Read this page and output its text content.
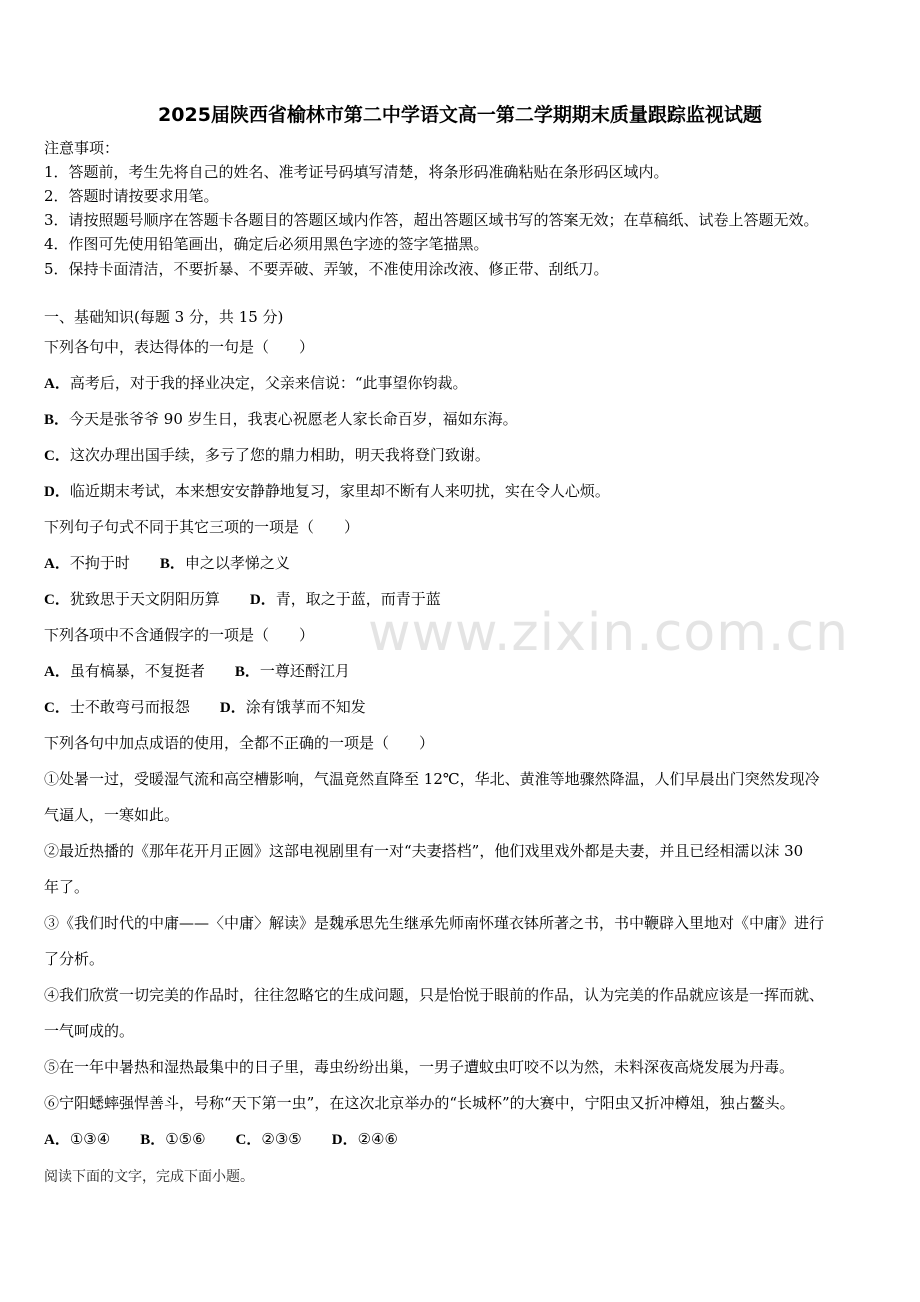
www.zixin.com.cn
2025届陕西省榆林市第二中学语文高一第二学期期末质量跟踪监视试题
注意事项：
1．答题前，考生先将自己的姓名、准考证号码填写清楚，将条形码准确粘贴在条形码区域内。
2．答题时请按要求用笔。
3．请按照题号顺序在答题卡各题目的答题区域内作答，超出答题区域书写的答案无效；在草稿纸、试卷上答题无效。
4．作图可先使用铅笔画出，确定后必须用黑色字迹的签字笔描黑。
5．保持卡面清洁，不要折暴、不要弄破、弄皱，不准使用涂改液、修正带、刮纸刀。
一、基础知识(每题 3 分，共 15 分)
下列各句中，表达得体的一句是（　　）
A．高考后，对于我的择业决定，父亲来信说：“此事望你钧裁。
B．今天是张爷爷 90 岁生日，我衷心祝愿老人家长命百岁，福如东海。
C．这次办理出国手续，多亏了您的鼎力相助，明天我将登门致谢。
D．临近期末考试，本来想安安静静地复习，家里却不断有人来叨扰，实在令人心烦。
下列句子句式不同于其它三项的一项是（　　）
A．不拘于时 B．申之以孝悌之义
C．犹致思于天文阴阳历算 D．青，取之于蓝，而青于蓝
下列各项中不含通假字的一项是（　　）
A．虽有槁暴，不复挺者 B．一尊还酹江月
C．士不敢弯弓而报怨 D．涂有饿莩而不知发
下列各句中加点成语的使用，全都不正确的一项是（　　）
①处暑一过，受暖湿气流和高空槽影响，气温竟然直降至 12℃，华北、黄淮等地骤然降温，人们早晨出门突然发现冷
气逼人，一寒如此。
②最近热播的《那年花开月正圆》这部电视剧里有一对“夫妻搭档”，他们戏里戏外都是夫妻，并且已经相濡以沫 30
年了。
③《我们时代的中庸——〈中庸〉解读》是魏承思先生继承先师南怀瑾衣钵所著之书，书中鞭辟入里地对《中庸》进行
了分析。
④我们欣赏一切完美的作品时，往往忽略它的生成问题，只是怡悦于眼前的作品，认为完美的作品就应该是一挥而就、
一气呵成的。
⑤在一年中暑热和湿热最集中的日子里，毒虫纷纷出巢，一男子遭蚊虫叮咬不以为然，未料深夜高烧发展为丹毒。
⑥宁阳蟋蟀强悍善斗，号称“天下第一虫”，在这次北京举办的“长城杯”的大赛中，宁阳虫又折冲樽俎，独占鳌头。
A．①③④ B．①⑤⑥ C．②③⑤ D．②④⑥
阅读下面的文字，完成下面小题。
